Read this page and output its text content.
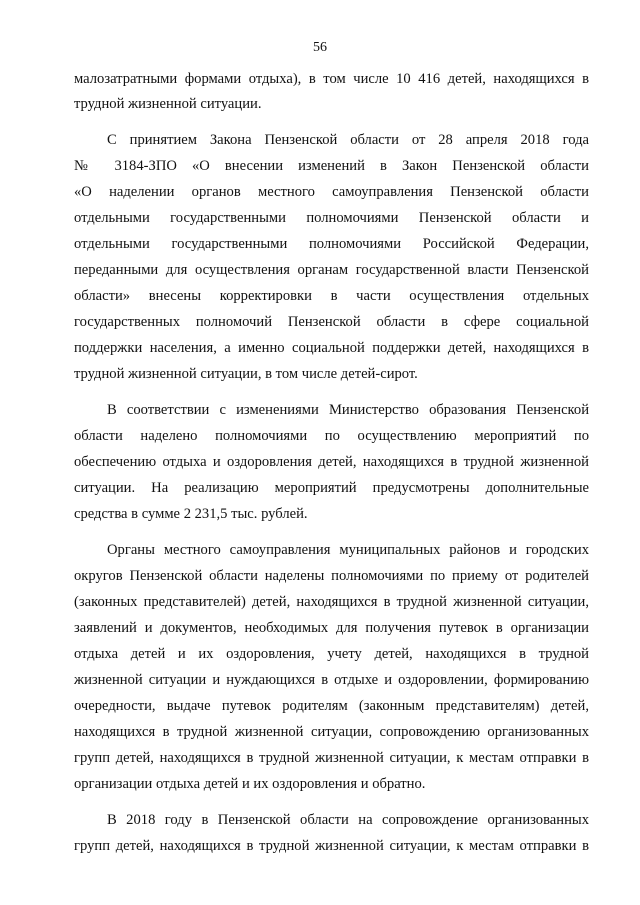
56
малозатратными формами отдыха), в том числе 10 416 детей, находящихся в
трудной жизненной ситуации.
С принятием Закона Пензенской области от 28 апреля 2018 года
№ 3184-ЗПО «О внесении изменений в Закон Пензенской области
«О наделении органов местного самоуправления Пензенской области
отдельными государственными полномочиями Пензенской области и
отдельными государственными полномочиями Российской Федерации,
переданными для осуществления органам государственной власти Пензенской
области» внесены корректировки в части осуществления отдельных
государственных полномочий Пензенской области в сфере социальной
поддержки населения, а именно социальной поддержки детей, находящихся в
трудной жизненной ситуации, в том числе детей-сирот.
В соответствии с изменениями Министерство образования Пензенской
области наделено полномочиями по осуществлению мероприятий по
обеспечению отдыха и оздоровления детей, находящихся в трудной жизненной
ситуации. На реализацию мероприятий предусмотрены дополнительные
средства в сумме 2 231,5 тыс. рублей.
Органы местного самоуправления муниципальных районов и городских
округов Пензенской области наделены полномочиями по приему от родителей
(законных представителей) детей, находящихся в трудной жизненной ситуации,
заявлений и документов, необходимых для получения путевок в организации
отдыха детей и их оздоровления, учету детей, находящихся в трудной
жизненной ситуации и нуждающихся в отдыхе и оздоровлении, формированию
очередности, выдаче путевок родителям (законным представителям) детей,
находящихся в трудной жизненной ситуации, сопровождению организованных
групп детей, находящихся в трудной жизненной ситуации, к местам отправки в
организации отдыха детей и их оздоровления и обратно.
В 2018 году в Пензенской области на сопровождение организованных
групп детей, находящихся в трудной жизненной ситуации, к местам отправки в
